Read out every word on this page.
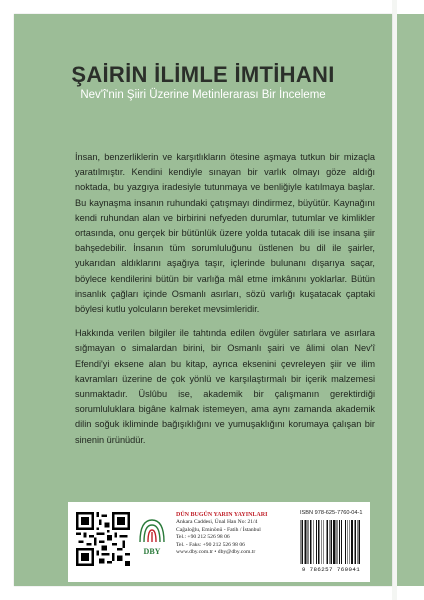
ŞAİRİN İLİMLE İMTİHANI
Nev'î'nin Şiiri Üzerine Metinlerarası Bir İnceleme

İnsan, benzerliklerin ve karşıtlıkların ötesine aşmaya tutkun bir mizaçla yaratılmıştır. Kendini kendiyle sınayan bir varlık olmayı göze aldığı noktada, bu yazgıya iradesiyle tutunmaya ve benliğiyle katılmaya başlar. Bu kaynaşma insanın ruhundaki çatışmayı dindirmez, büyütür. Kaynağını kendi ruhundan alan ve birbirini nefyeden durumlar, tutumlar ve kimlikler ortasında, onu gerçek bir bütünlük üzere yolda tutacak dili ise insana şiir bahşedebilir. İnsanın tüm sorumluluğunu üstlenen bu dil ile şairler, yukarıdan aldıklarını aşağıya taşır, içlerinde bulunanı dışarıya saçar, böylece kendilerini bütün bir varlığa mâl etme imkânını yoklarlar. Bütün insanlık çağları içinde Osmanlı asırları, sözü varlığı kuşatacak çaptaki böylesi kutlu yolcuların bereket mevsimleridir.

Hakkında verilen bilgiler ile tahtında edilen övgüler satırlara ve asırlara sığmayan o simalardan birini, bir Osmanlı şairi ve âlimi olan Nev'î Efendi'yi eksene alan bu kitap, ayrıca eksenini çevreleyen şiir ve ilim kavramları üzerine de çok yönlü ve karşılaştırmalı bir içerik malzemesi sunmaktadır. Üslûbu ise, akademik bir çalışmanın gerektirdiği sorumluluklara bigâne kalmak istemeyen, ama aynı zamanda akademik dilin soğuk ikliminde bağışıklığını ve yumuşaklığını korumaya çalışan bir sinenin ürünüdür.

DBY
DÜN BUGÜN YARIN YAYINLARI
Ankara Caddesi, Ünal Han No: 21/4
Cağaloğlu, Eminönü - Fatih / İstanbul
Tel.: +90 212 526 98 06
Tel. - Faks: +90 212 526 98 06
www.dby.com.tr • dby@dby.com.tr
ISBN 978-625-7760-04-1
9 786257 760041
